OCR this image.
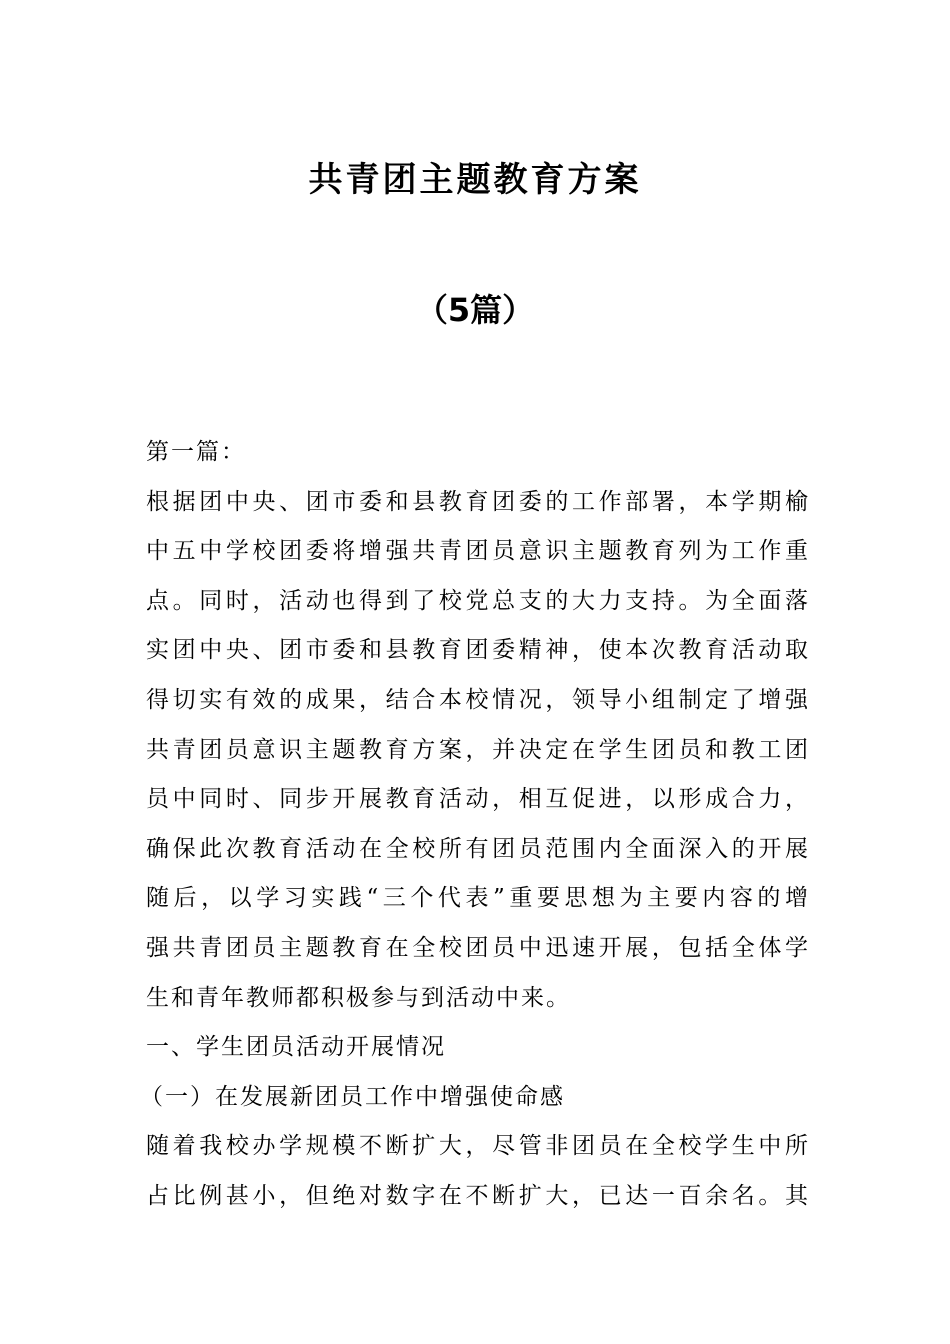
共青团主题教育方案
（5篇）
第一篇：
根据团中央、团市委和县教育团委的工作部署，本学期榆
中五中学校团委将增强共青团员意识主题教育列为工作重
点。同时，活动也得到了校党总支的大力支持。为全面落
实团中央、团市委和县教育团委精神，使本次教育活动取
得切实有效的成果，结合本校情况，领导小组制定了增强
共青团员意识主题教育方案，并决定在学生团员和教工团
员中同时、同步开展教育活动，相互促进，以形成合力，
确保此次教育活动在全校所有团员范围内全面深入的开展
随后，以学习实践“三个代表”重要思想为主要内容的增
强共青团员主题教育在全校团员中迅速开展，包括全体学
生和青年教师都积极参与到活动中来。
一、学生团员活动开展情况
（一）在发展新团员工作中增强使命感
随着我校办学规模不断扩大，尽管非团员在全校学生中所
占比例甚小，但绝对数字在不断扩大，已达一百余名。其
